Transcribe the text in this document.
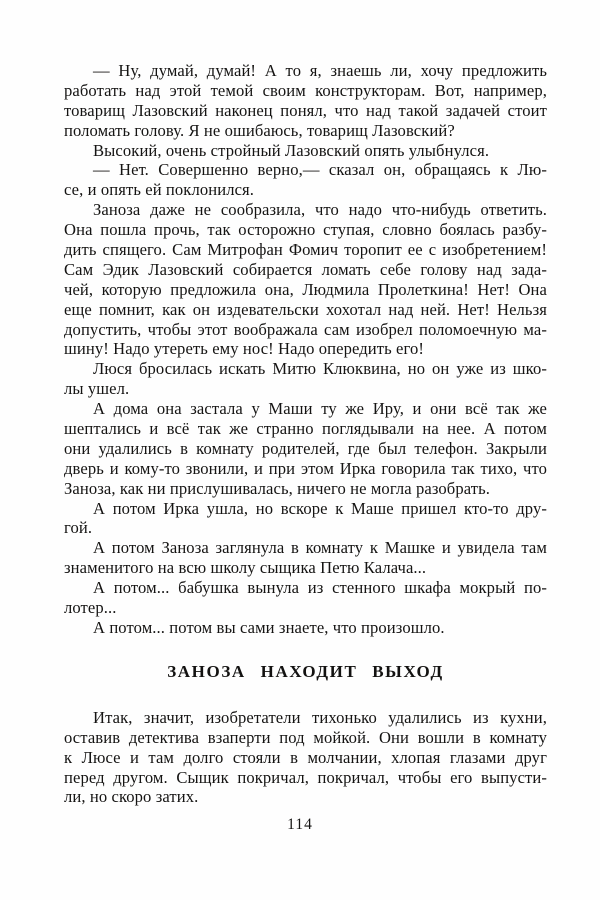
— Ну, думай, думай! А то я, знаешь ли, хочу предложить
работать над этой темой своим конструкторам. Вот, например,
товарищ Лазовский наконец понял, что над такой задачей стоит
поломать голову. Я не ошибаюсь, товарищ Лазовский?
Высокий, очень стройный Лазовский опять улыбнулся.
— Нет. Совершенно верно,— сказал он, обращаясь к Лю-
се, и опять ей поклонился.
Заноза даже не сообразила, что надо что-нибудь ответить.
Она пошла прочь, так осторожно ступая, словно боялась разбу-
дить спящего. Сам Митрофан Фомич торопит ее с изобретением!
Сам Эдик Лазовский собирается ломать себе голову над зада-
чей, которую предложила она, Людмила Пролеткина! Нет! Она
еще помнит, как он издевательски хохотал над ней. Нет! Нельзя
допустить, чтобы этот воображала сам изобрел поломоечную ма-
шину! Надо утереть ему нос! Надо опередить его!
Люся бросилась искать Митю Клюквина, но он уже из шко-
лы ушел.
А дома она застала у Маши ту же Иру, и они всё так же
шептались и всё так же странно поглядывали на нее. А потом
они удалились в комнату родителей, где был телефон. Закрыли
дверь и кому-то звонили, и при этом Ирка говорила так тихо, что
Заноза, как ни прислушивалась, ничего не могла разобрать.
А потом Ирка ушла, но вскоре к Маше пришел кто-то дру-
гой.
А потом Заноза заглянула в комнату к Машке и увидела там
знаменитого на всю школу сыщика Петю Калача...
А потом... бабушка вынула из стенного шкафа мокрый по-
лотер...
А потом... потом вы сами знаете, что произошло.
ЗАНОЗА НАХОДИТ ВЫХОД
Итак, значит, изобретатели тихонько удалились из кухни,
оставив детектива взаперти под мойкой. Они вошли в комнату
к Люсе и там долго стояли в молчании, хлопая глазами друг
перед другом. Сыщик покричал, покричал, чтобы его выпусти-
ли, но скоро затих.
114
